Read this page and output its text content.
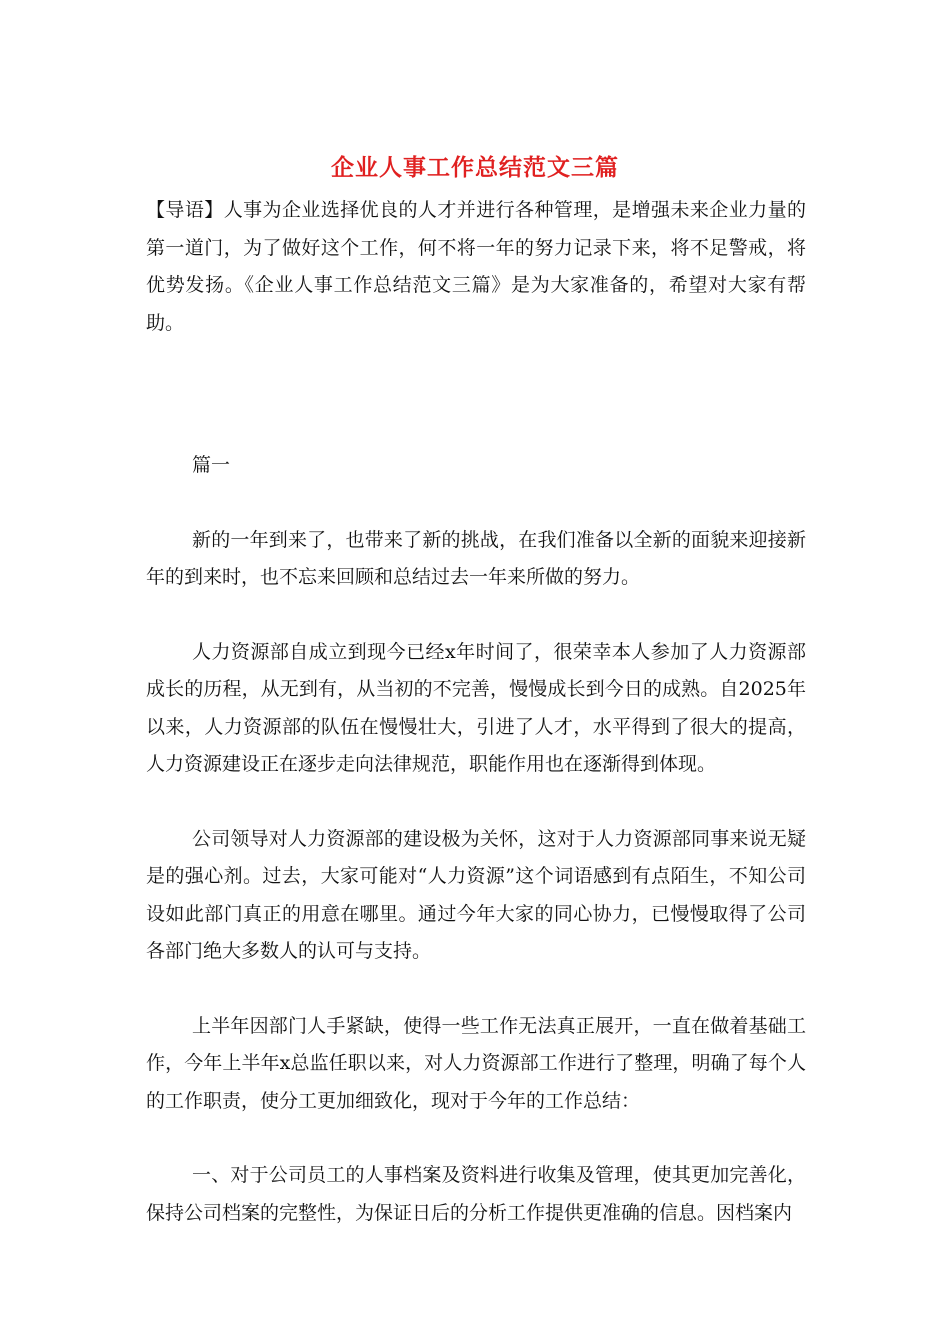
企业人事工作总结范文三篇

【导语】人事为企业选择优良的人才并进行各种管理，是增强未来企业力量的第一道门，为了做好这个工作，何不将一年的努力记录下来，将不足警戒，将优势发扬。《企业人事工作总结范文三篇》是为大家准备的，希望对大家有帮助。

篇一

新的一年到来了，也带来了新的挑战，在我们准备以全新的面貌来迎接新年的到来时，也不忘来回顾和总结过去一年来所做的努力。

人力资源部自成立到现今已经x年时间了，很荣幸本人参加了人力资源部成长的历程，从无到有，从当初的不完善，慢慢成长到今日的成熟。自2025年以来，人力资源部的队伍在慢慢壮大，引进了人才，水平得到了很大的提高，人力资源建设正在逐步走向法律规范，职能作用也在逐渐得到体现。

公司领导对人力资源部的建设极为关怀，这对于人力资源部同事来说无疑是的强心剂。过去，大家可能对“人力资源”这个词语感到有点陌生，不知公司设如此部门真正的用意在哪里。通过今年大家的同心协力，已慢慢取得了公司各部门绝大多数人的认可与支持。

上半年因部门人手紧缺，使得一些工作无法真正展开，一直在做着基础工作，今年上半年x总监任职以来，对人力资源部工作进行了整理，明确了每个人的工作职责，使分工更加细致化，现对于今年的工作总结：

一、对于公司员工的人事档案及资料进行收集及管理，使其更加完善化，保持公司档案的完整性，为保证日后的分析工作提供更准确的信息。因档案内
